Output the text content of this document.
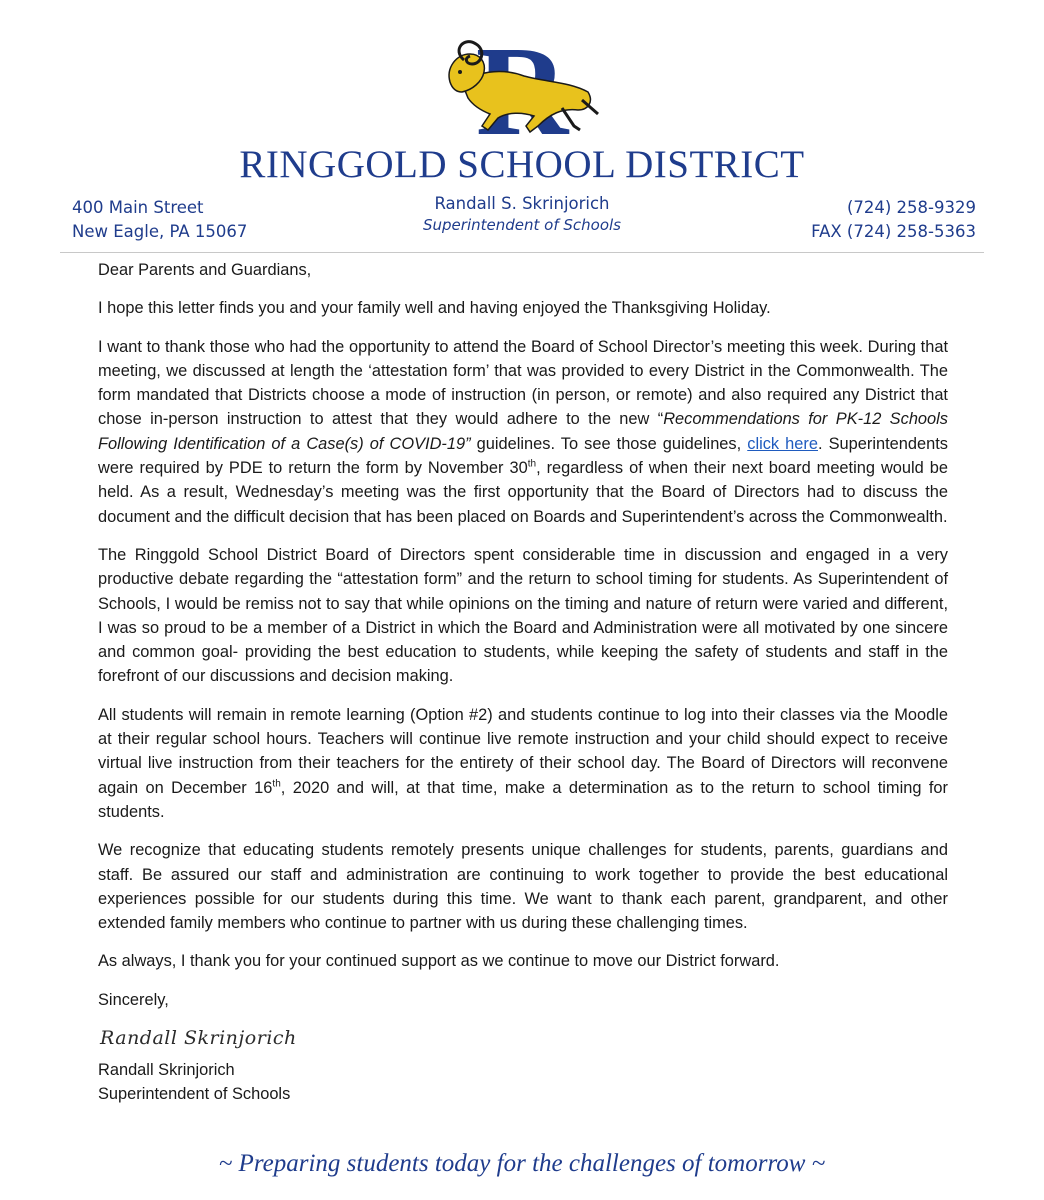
RINGGOLD SCHOOL DISTRICT
400 Main Street
New Eagle, PA 15067
Randall S. Skrinjorich
Superintendent of Schools
(724) 258-9329
FAX (724) 258-5363

Dear Parents and Guardians,

I hope this letter finds you and your family well and having enjoyed the Thanksgiving Holiday.

I want to thank those who had the opportunity to attend the Board of School Director’s meeting this week. During that meeting, we discussed at length the ‘attestation form’ that was provided to every District in the Commonwealth. The form mandated that Districts choose a mode of instruction (in person, or remote) and also required any District that chose in-person instruction to attest that they would adhere to the new “Recommendations for PK-12 Schools Following Identification of a Case(s) of COVID-19” guidelines. To see those guidelines, click here. Superintendents were required by PDE to return the form by November 30th, regardless of when their next board meeting would be held. As a result, Wednesday’s meeting was the first opportunity that the Board of Directors had to discuss the document and the difficult decision that has been placed on Boards and Superintendent’s across the Commonwealth.

The Ringgold School District Board of Directors spent considerable time in discussion and engaged in a very productive debate regarding the “attestation form” and the return to school timing for students. As Superintendent of Schools, I would be remiss not to say that while opinions on the timing and nature of return were varied and different, I was so proud to be a member of a District in which the Board and Administration were all motivated by one sincere and common goal- providing the best education to students, while keeping the safety of students and staff in the forefront of our discussions and decision making.

All students will remain in remote learning (Option #2) and students continue to log into their classes via the Moodle at their regular school hours. Teachers will continue live remote instruction and your child should expect to receive virtual live instruction from their teachers for the entirety of their school day. The Board of Directors will reconvene again on December 16th, 2020 and will, at that time, make a determination as to the return to school timing for students.

We recognize that educating students remotely presents unique challenges for students, parents, guardians and staff. Be assured our staff and administration are continuing to work together to provide the best educational experiences possible for our students during this time. We want to thank each parent, grandparent, and other extended family members who continue to partner with us during these challenging times.

As always, I thank you for your continued support as we continue to move our District forward.

Sincerely,

Randall Skrinjorich
Randall Skrinjorich
Superintendent of Schools
~ Preparing students today for the challenges of tomorrow ~
